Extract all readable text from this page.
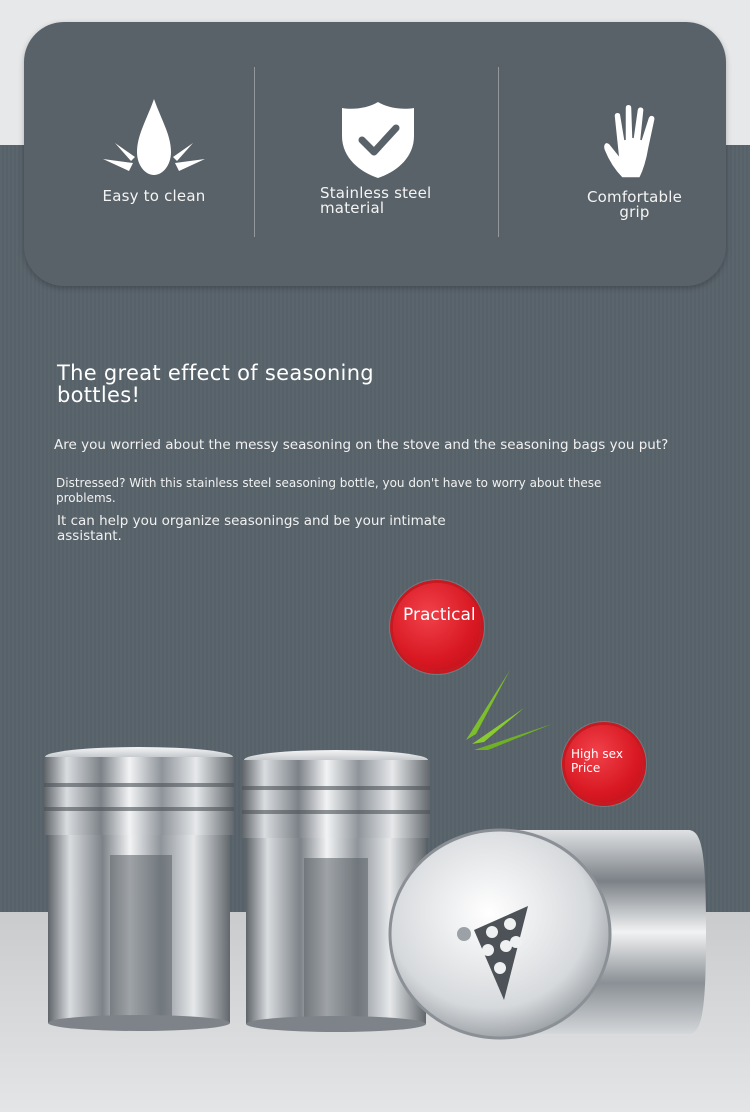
Easy to clean	Stainless steel material
Comfortable grip
The great effect of seasoning bottles!
Are you worried about the messy seasoning on the stove and the seasoning bags you put?
Distressed? With this stainless steel seasoning bottle, you don't have to worry about these problems.
It can help you organize seasonings and be your intimate assistant.
Practical
High sex Price
